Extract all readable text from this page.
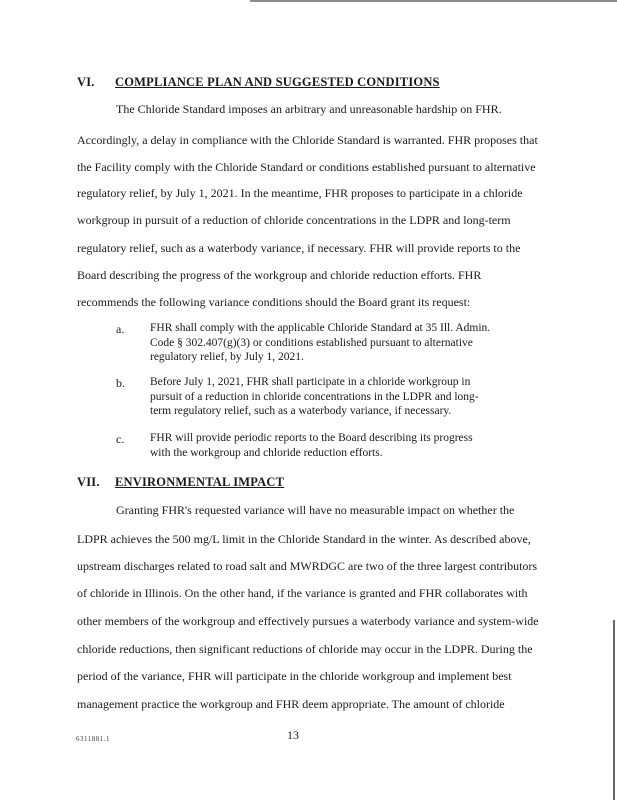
VI. COMPLIANCE PLAN AND SUGGESTED CONDITIONS
The Chloride Standard imposes an arbitrary and unreasonable hardship on FHR.
Accordingly, a delay in compliance with the Chloride Standard is warranted. FHR proposes that
the Facility comply with the Chloride Standard or conditions established pursuant to alternative
regulatory relief, by July 1, 2021. In the meantime, FHR proposes to participate in a chloride
workgroup in pursuit of a reduction of chloride concentrations in the LDPR and long-term
regulatory relief, such as a waterbody variance, if necessary. FHR will provide reports to the
Board describing the progress of the workgroup and chloride reduction efforts. FHR
recommends the following variance conditions should the Board grant its request:
a. FHR shall comply with the applicable Chloride Standard at 35 Ill. Admin.
Code § 302.407(g)(3) or conditions established pursuant to alternative
regulatory relief, by July 1, 2021.
b. Before July 1, 2021, FHR shall participate in a chloride workgroup in
pursuit of a reduction in chloride concentrations in the LDPR and long-
term regulatory relief, such as a waterbody variance, if necessary.
c. FHR will provide periodic reports to the Board describing its progress
with the workgroup and chloride reduction efforts.
VII. ENVIRONMENTAL IMPACT
Granting FHR's requested variance will have no measurable impact on whether the
LDPR achieves the 500 mg/L limit in the Chloride Standard in the winter. As described above,
upstream discharges related to road salt and MWRDGC are two of the three largest contributors
of chloride in Illinois. On the other hand, if the variance is granted and FHR collaborates with
other members of the workgroup and effectively pursues a waterbody variance and system-wide
chloride reductions, then significant reductions of chloride may occur in the LDPR. During the
period of the variance, FHR will participate in the chloride workgroup and implement best
management practice the workgroup and FHR deem appropriate. The amount of chloride
6311881.1	13
